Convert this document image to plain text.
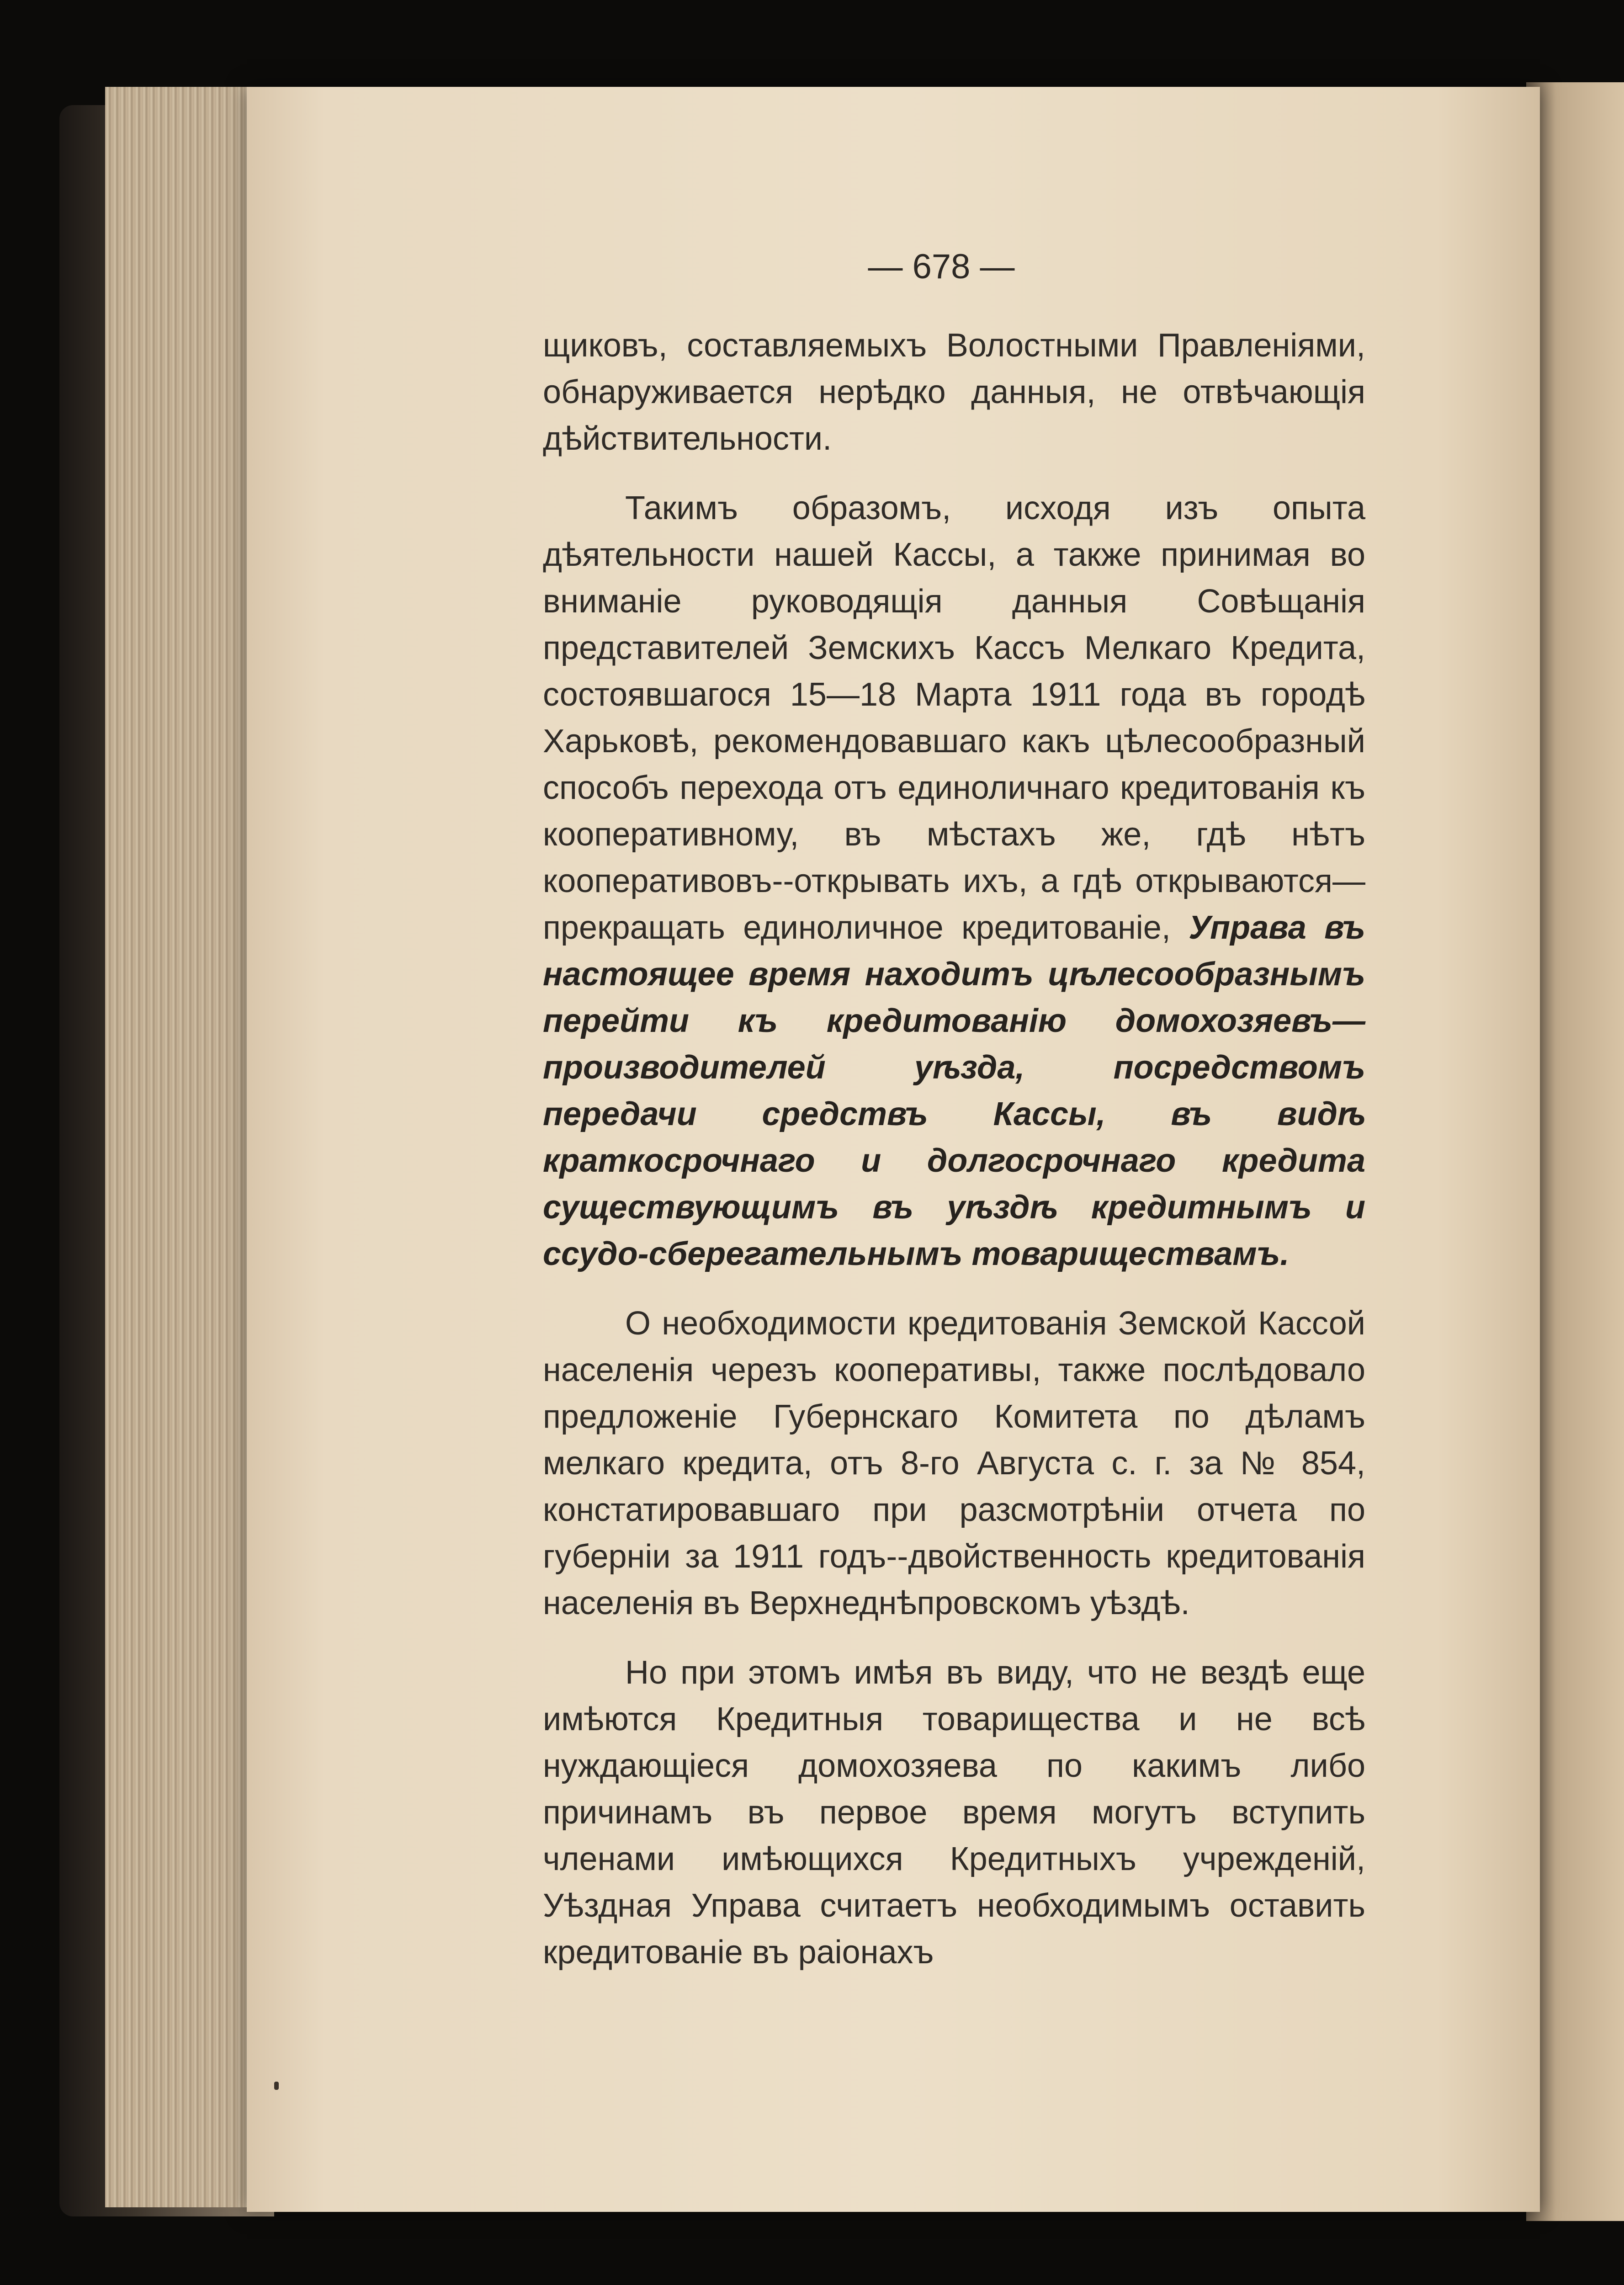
— 678 —

щиковъ, составляемыхъ Волостными Правленіями, обнаруживается нерѣдко данныя, не отвѣчающія дѣйствительности.

Такимъ образомъ, исходя изъ опыта дѣятельности нашей Кассы, а также принимая во вниманіе руководящія данныя Совѣщанія представителей Земскихъ Кассъ Мелкаго Кредита, состоявшагося 15—18 Марта 1911 года въ городѣ Харьковѣ, рекомендовавшаго какъ цѣлесообразный способъ перехода отъ единоличнаго кредитованія къ кооперативному, въ мѣстахъ же, гдѣ нѣтъ кооперативовъ--открывать ихъ, а гдѣ открываются—прекращать единоличное кредитованіе, Управа въ настоящее время находитъ цѣлесообразнымъ перейти къ кредитованію домохозяевъ—производителей уѣзда, посредствомъ передачи средствъ Кассы, въ видѣ краткосрочнаго и долгосрочнаго кредита существующимъ въ уѣздѣ кредитнымъ и ссудо-сберегательнымъ товариществамъ.

О необходимости кредитованія Земской Кассой населенія черезъ кооперативы, также послѣдовало предложеніе Губернскаго Комитета по дѣламъ мелкаго кредита, отъ 8-го Августа с. г. за № 854, констатировавшаго при разсмотрѣніи отчета по губерніи за 1911 годъ--двойственность кредитованія населенія въ Верхнеднѣпровскомъ уѣздѣ.

Но при этомъ имѣя въ виду, что не вездѣ еще имѣются Кредитныя товарищества и не всѣ нуждающіеся домохозяева по какимъ либо причинамъ въ первое время могутъ вступить членами имѣющихся Кредитныхъ учрежденій, Уѣздная Управа считаетъ необходимымъ оставить кредитованіе въ раіонахъ
